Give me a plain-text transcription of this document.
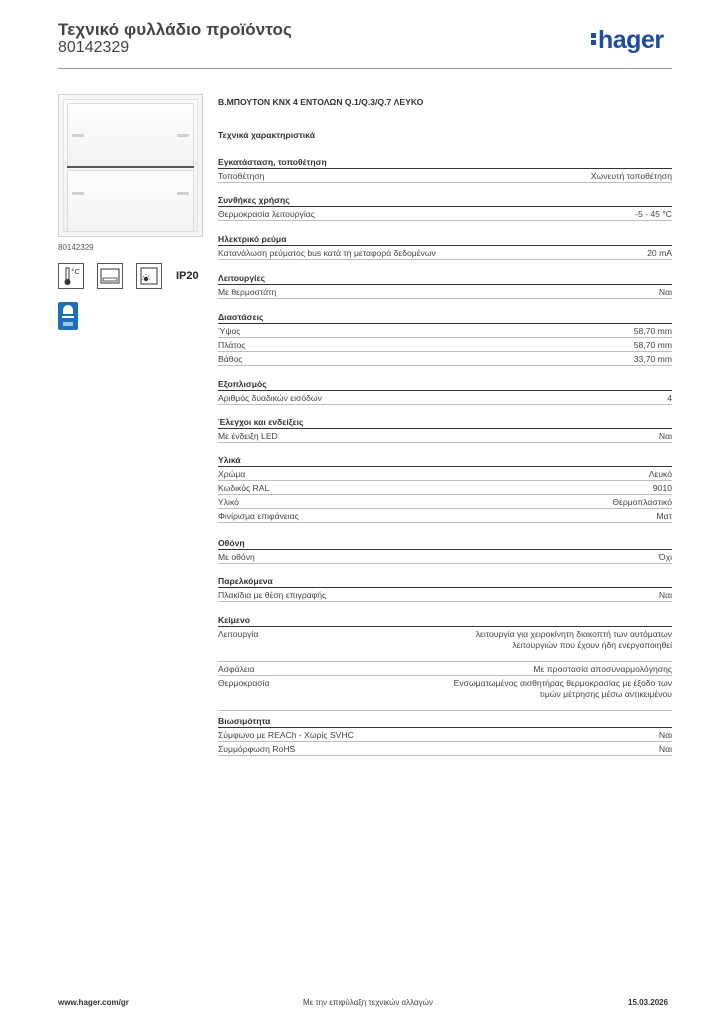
Τεχνικό φυλλάδιο προϊόντος
80142329	hager
80142329
°C	IP20
Β.ΜΠΟΥΤΟΝ KNX 4 ΕΝΤΟΛΩΝ Q.1/Q.3/Q.7 ΛΕΥΚΟ
Τεχνικά χαρακτηριστικά
Εγκατάσταση, τοποθέτηση
Τοποθέτηση	Χωνευτή τοποθέτηση
Συνθήκες χρήσης
Θερμοκρασία λειτουργίας	-5 - 45 °C
Ηλεκτρικό ρεύμα
Κατανάλωση ρεύματος bus κατά τη μεταφορά δεδομένων	20 mA
Λειτουργίες
Με θερμοστάτη	Ναι
Διαστάσεις
Ύψος	58,70 mm
Πλάτος	58,70 mm
Βάθος	33,70 mm
Εξοπλισμός
Αριθμός δυαδικών εισόδων	4
Έλεγχοι και ενδείξεις
Με ένδειξη LED	Ναι
Υλικά
Χρώμα	Λευκό
Κωδικός RAL	9010
Υλικό	Θερμοπλαστικό
Φινίρισμα επιφάνειας	Ματ
Οθόνη
Με οθόνη	Όχι
Παρελκόμενα
Πλακίδια με θέση επιγραφής	Ναι
Κείμενο
Λειτουργία	λειτουργία για χειροκίνητη διακοπτή των αυτόματων λειτουργιών που έχουν ήδη ενεργοποιηθεί
Ασφάλεια	Με προστασία αποσυναρμολόγησης
Θερμοκρασία	Ενσωματωμένος αισθητήρας θερμοκρασίας με έξοδο των τιμών μέτρησης μέσω αντικειμένου
Βιωσιμότητα
Σύμφωνο με REACh - Χωρίς SVHC	Ναι
Συμμόρφωση RoHS	Ναι
www.hager.com/gr	Με την επιφύλαξη τεχνικών αλλαγών	15.03.2026
